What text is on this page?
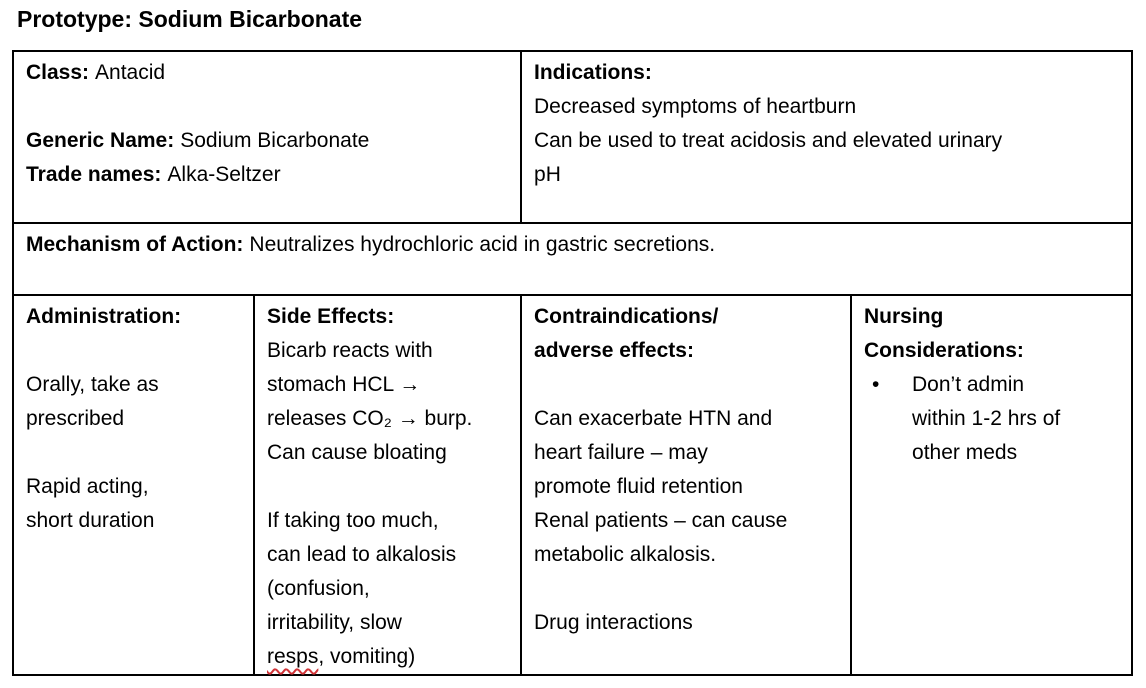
Prototype: Sodium Bicarbonate
Class: Antacid
Generic Name: Sodium Bicarbonate
Trade names: Alka-Seltzer

Indications:
Decreased symptoms of heartburn
Can be used to treat acidosis and elevated urinary
pH

Mechanism of Action: Neutralizes hydrochloric acid in gastric secretions.			

Administration:
Orally, take as
prescribed
Rapid acting,
short duration

Side Effects:
Bicarb reacts with
stomach HCL →
releases CO₂ → burp.
Can cause bloating
If taking too much,
can lead to alkalosis
(confusion,
irritability, slow
resps, vomiting)

Contraindications/
adverse effects:
Can exacerbate HTN and
heart failure – may
promote fluid retention
Renal patients – can cause
metabolic alkalosis.
Drug interactions

Nursing
Considerations:
•	Don’t admin
within 1-2 hrs of
other meds
